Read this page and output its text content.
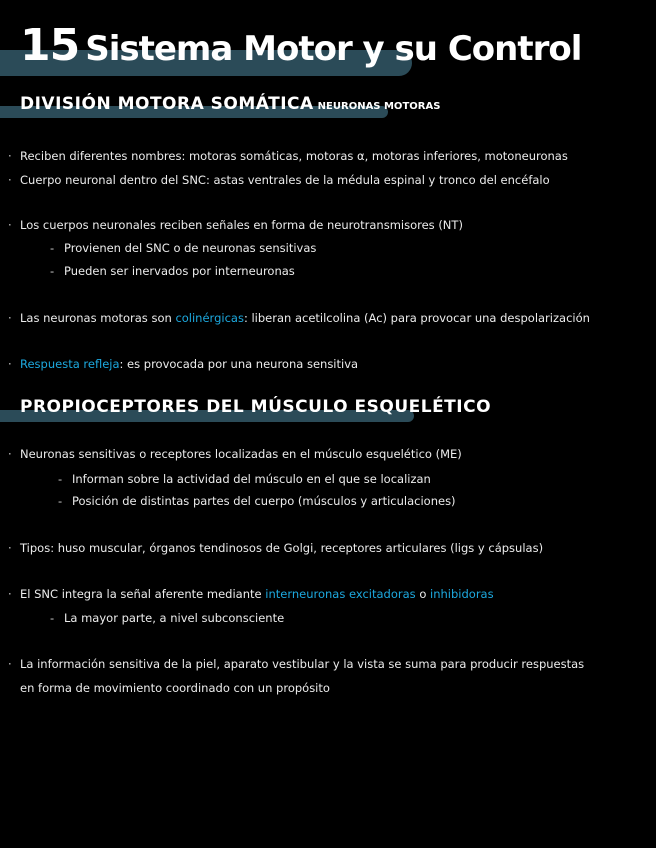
15 Sistema Motor y su Control
DIVISIÓN MOTORA SOMÁTICA NEURONAS MOTORAS
· Reciben diferentes nombres: motoras somáticas, motoras α, motoras inferiores, motoneuronas
· Cuerpo neuronal dentro del SNC: astas ventrales de la médula espinal y tronco del encéfalo
· Los cuerpos neuronales reciben señales en forma de neurotransmisores (NT)
- Provienen del SNC o de neuronas sensitivas
- Pueden ser inervados por interneuronas
· Las neuronas motoras son colinérgicas: liberan acetilcolina (Ac) para provocar una despolarización
· Respuesta refleja: es provocada por una neurona sensitiva
PROPIOCEPTORES DEL MÚSCULO ESQUELÉTICO
· Neuronas sensitivas o receptores localizadas en el músculo esquelético (ME)
- Informan sobre la actividad del músculo en el que se localizan
- Posición de distintas partes del cuerpo (músculos y articulaciones)
· Tipos: huso muscular, órganos tendinosos de Golgi, receptores articulares (ligs y cápsulas)
· El SNC integra la señal aferente mediante interneuronas excitadoras o inhibidoras
- La mayor parte, a nivel subconsciente
· La información sensitiva de la piel, aparato vestibular y la vista se suma para producir respuestas
en forma de movimiento coordinado con un propósito
